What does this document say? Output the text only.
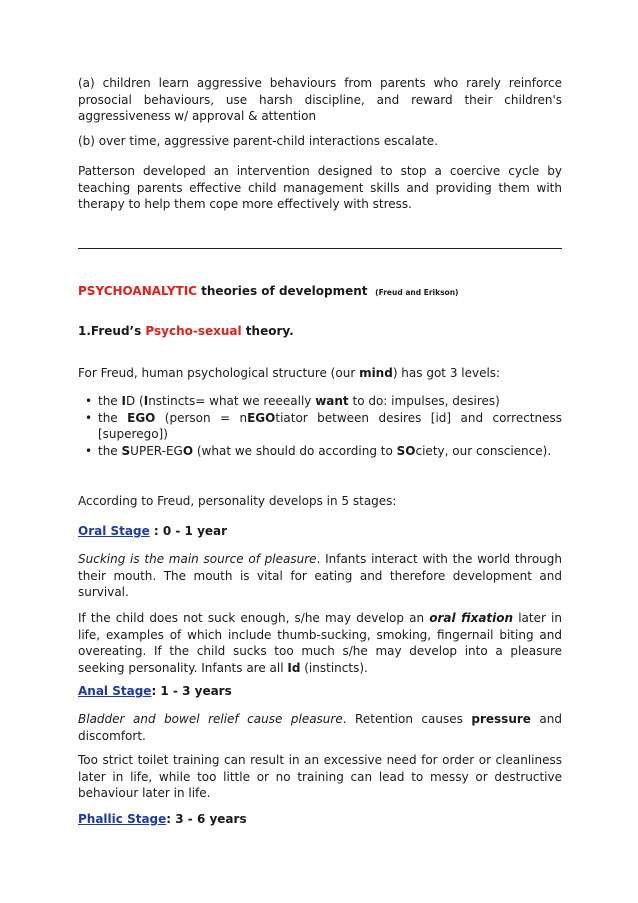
(a) children learn aggressive behaviours from parents who rarely reinforce prosocial behaviours, use harsh discipline, and reward their children's aggressiveness w/ approval & attention

(b) over time, aggressive parent-child interactions escalate.

Patterson developed an intervention designed to stop a coercive cycle by teaching parents effective child management skills and providing them with therapy to help them cope more effectively with stress.

PSYCHOANALYTIC theories of development (Freud and Erikson)

1.Freud’s Psycho-sexual theory.

For Freud, human psychological structure (our mind) has got 3 levels:

• the ID (Instincts= what we reeeally want to do: impulses, desires)
• the EGO (person = nEGOtiator between desires [id] and correctness [superego])
• the SUPER-EGO (what we should do according to SOciety, our conscience).

According to Freud, personality develops in 5 stages:

Oral Stage : 0 - 1 year

Sucking is the main source of pleasure. Infants interact with the world through their mouth. The mouth is vital for eating and therefore development and survival.

If the child does not suck enough, s/he may develop an oral fixation later in life, examples of which include thumb-sucking, smoking, fingernail biting and overeating. If the child sucks too much s/he may develop into a pleasure seeking personality. Infants are all Id (instincts).

Anal Stage: 1 - 3 years

Bladder and bowel relief cause pleasure. Retention causes pressure and discomfort.

Too strict toilet training can result in an excessive need for order or cleanliness later in life, while too little or no training can lead to messy or destructive behaviour later in life.

Phallic Stage: 3 - 6 years
